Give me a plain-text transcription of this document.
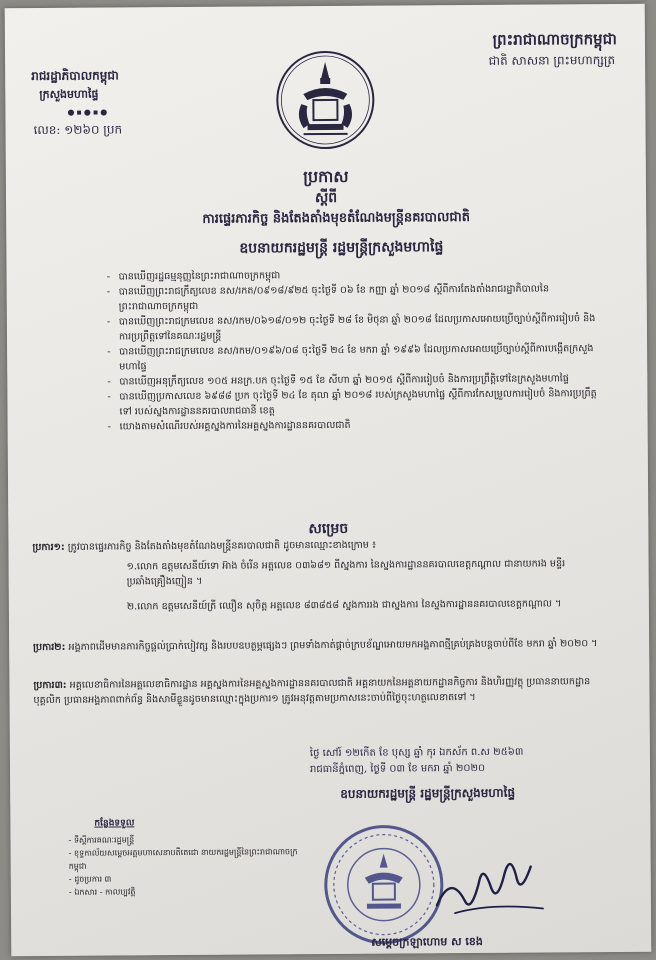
ព្រះរាជាណាចក្រកម្ពុជា
ជាតិ សាសនា ព្រះមហាក្សត្រ
រាជរដ្ឋាភិបាលកម្ពុជា
ក្រសួងមហាផ្ទៃ
●▪●▪●
លេខ: ១២៦០ ប្រក
ប្រកាស
ស្តីពី
ការផ្ទេរភារកិច្ច និងតែងតាំងមុខតំណែងមន្ត្រីនគរបាលជាតិ
ឧបនាយករដ្ឋមន្ត្រី រដ្ឋមន្ត្រីក្រសួងមហាផ្ទៃ
- បានឃើញរដ្ឋធម្មនុញ្ញនៃព្រះរាជាណាចក្រកម្ពុជា
- បានឃើញព្រះរាជក្រឹត្យលេខ នស/រកត/០៩១៨/៩២៥ ចុះថ្ងៃទី ០៦ ខែ កញ្ញា ឆ្នាំ ២០១៨ ស្តីពីការតែងតាំងរាជរដ្ឋាភិបាលនៃព្រះរាជាណាចក្រកម្ពុជា
- បានឃើញព្រះរាជក្រមលេខ នស/រកម/០៦១៨/០១២ ចុះថ្ងៃទី ២៨ ខែ មិថុនា ឆ្នាំ ២០១៨ ដែលប្រកាសអោយប្រើច្បាប់ស្តីពីការរៀបចំ និងការប្រព្រឹត្តទៅនៃគណៈរដ្ឋមន្ត្រី
- បានឃើញព្រះរាជក្រមលេខ នស/រកម/០១៩៦/០៨ ចុះថ្ងៃទី ២៤ ខែ មករា ឆ្នាំ ១៩៩៦ ដែលប្រកាសអោយប្រើច្បាប់ស្តីពីការបង្កើតក្រសួងមហាផ្ទៃ
- បានឃើញអនុក្រឹត្យលេខ ១០៥ អនក្រ.បក ចុះថ្ងៃទី ១៥ ខែ សីហា ឆ្នាំ ២០១៥ ស្តីពីការរៀបចំ និងការប្រព្រឹត្តិទៅនៃក្រសួងមហាផ្ទៃ
- បានឃើញប្រកាសលេខ ៦៩៨៨ ប្រក ចុះថ្ងៃទី ២៤ ខែ តុលា ឆ្នាំ ២០១៨ របស់ក្រសួងមហាផ្ទៃ ស្តីពីការកែសម្រួលការរៀបចំ និងការប្រព្រឹត្តទៅ របស់ស្នងការដ្ឋាននគរបាលរាជធានី ខេត្ត
- យោងតាមសំណើរបស់អគ្គស្នងការនៃអគ្គស្នងការដ្ឋាននគរបាលជាតិ
សម្រេច
ប្រការ១: ត្រូវបានផ្ទេរភារកិច្ច និងតែងតាំងមុខតំណែងមន្ត្រីនគរបាលជាតិ ដូចមានឈ្មោះខាងក្រោម ៖
១.លោក ឧត្តមសេនីយ៍ទោ អ៊ាង ចំរើន អត្តលេខ ០៣៦៨១ ពីស្នងការ នៃស្នងការដ្ឋាននគរបាលខេត្តកណ្តាល ជានាយករង មន្ទីរប្រឆាំងគ្រឿងញៀន ។
២.លោក ឧត្តមសេនីយ៍ត្រី ឈឿន សុចិត្ត អត្តលេខ ៨៣៨៥៨ ស្នងការរង ជាស្នងការ នៃស្នងការដ្ឋាននគរបាលខេត្តកណ្តាល ។
ប្រការ២: អង្គភាពដើមមានភារកិច្ចផ្តល់ប្រាក់បៀវត្ស និងរបបឧបត្ថម្ភផ្សេងៗ ព្រមទាំងកាត់ផ្តាច់ក្របខ័ណ្ឌអោយមកអង្គភាពថ្មីគ្រប់គ្រងបន្តចាប់ពីខែ មករា ឆ្នាំ ២០២០ ។
ប្រការ៣: អគ្គលេខាធិការនៃអគ្គលេខាធិការដ្ឋាន អគ្គស្នងការនៃអគ្គស្នងការដ្ឋាននគរបាលជាតិ អគ្គនាយកនៃអគ្គនាយកដ្ឋានកិច្ចការ និងហិរញ្ញវត្ថុ ប្រធាននាយកដ្ឋានបុគ្គលិក ប្រធានអង្គភាពពាក់ព័ន្ធ និងសាមីខ្លួនដូចមានឈ្មោះក្នុងប្រការ១ ត្រូវអនុវត្តតាមប្រកាសនេះចាប់ពីថ្ងៃចុះហត្ថលេខាតទៅ ។
ថ្ងៃ សៅរ៍ ១២កើត ខែ បុស្ស ឆ្នាំ កុរ ឯកស័ក ព.ស ២៥៦៣
រាជធានីភ្នំពេញ, ថ្ងៃទី ០៣ ខែ មករា ឆ្នាំ ២០២០
ឧបនាយករដ្ឋមន្ត្រី រដ្ឋមន្ត្រីក្រសួងមហាផ្ទៃ
កន្លែងទទួល
- ទីស្តីការគណៈរដ្ឋមន្ត្រី
- ខុទ្ទកាល័យសម្តេចអគ្គមហាសេនាបតីតេជោ នាយករដ្ឋមន្ត្រីនៃព្រះរាជាណាចក្រកម្ពុជា
- ដូចប្រការ ៣
- ឯកសារ - កាលប្បវត្តិ
សម្តេចក្រឡាហោម ស ខេង
